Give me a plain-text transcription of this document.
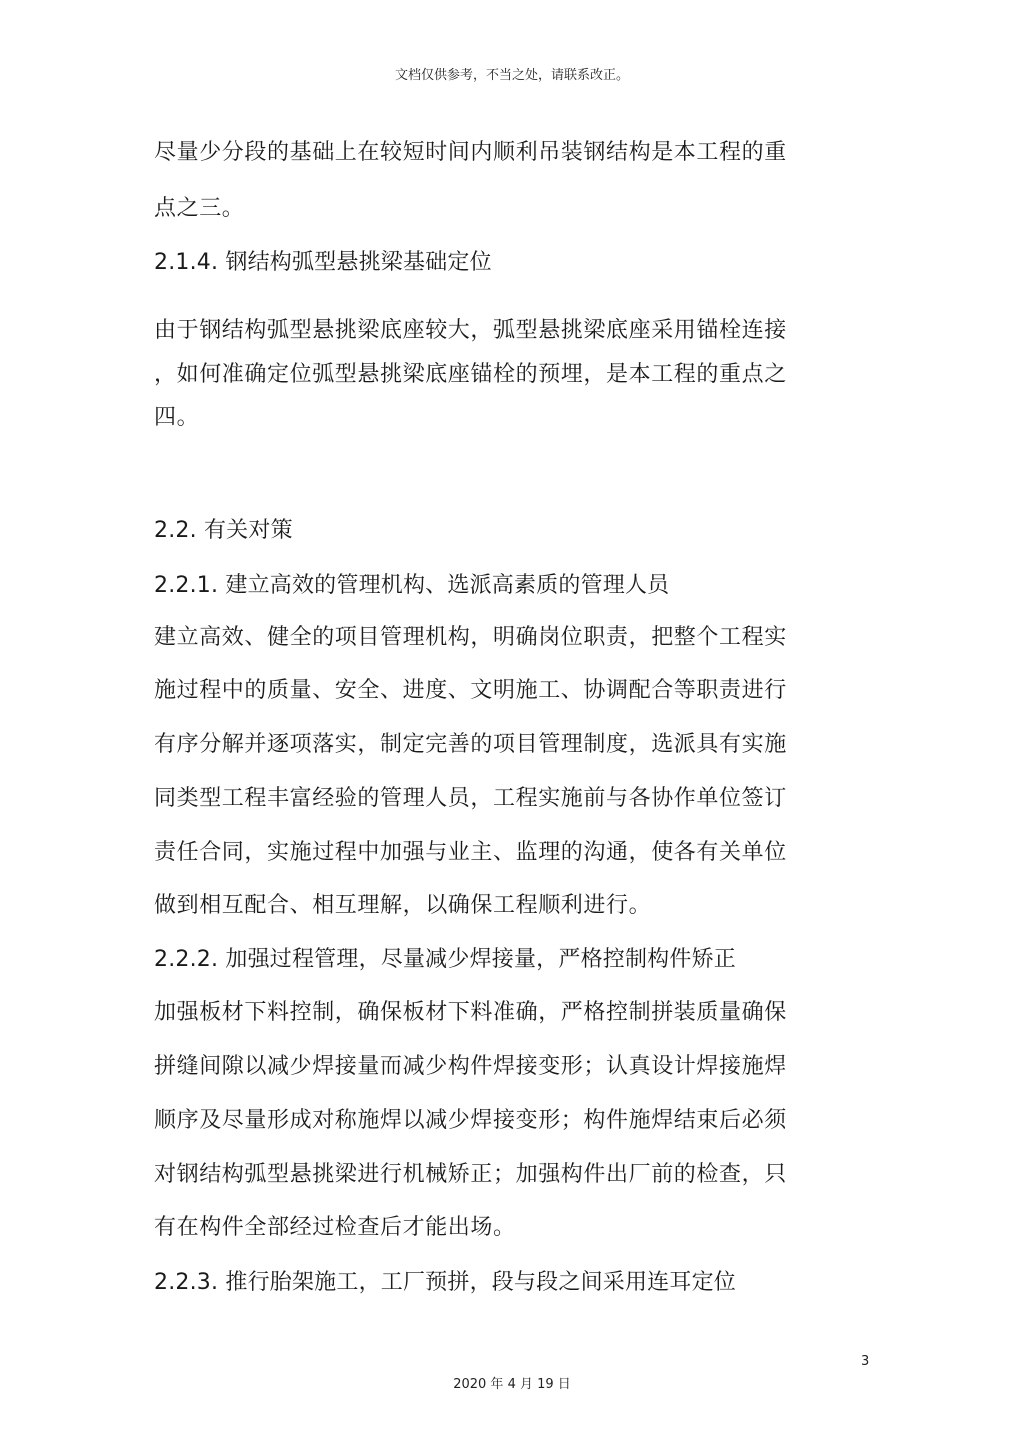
文档仅供参考，不当之处，请联系改正。
尽量少分段的基础上在较短时间内顺利吊装钢结构是本工程的重
点之三。
2.1.4. 钢结构弧型悬挑梁基础定位
由于钢结构弧型悬挑梁底座较大，弧型悬挑梁底座采用锚栓连接
，如何准确定位弧型悬挑梁底座锚栓的预埋，是本工程的重点之
四。
2.2. 有关对策
2.2.1. 建立高效的管理机构、选派高素质的管理人员
建立高效、健全的项目管理机构，明确岗位职责，把整个工程实
施过程中的质量、安全、进度、文明施工、协调配合等职责进行
有序分解并逐项落实，制定完善的项目管理制度，选派具有实施
同类型工程丰富经验的管理人员，工程实施前与各协作单位签订
责任合同，实施过程中加强与业主、监理的沟通，使各有关单位
做到相互配合、相互理解，以确保工程顺利进行。
2.2.2. 加强过程管理，尽量减少焊接量，严格控制构件矫正
加强板材下料控制，确保板材下料准确，严格控制拼装质量确保
拼缝间隙以减少焊接量而减少构件焊接变形；认真设计焊接施焊
顺序及尽量形成对称施焊以减少焊接变形；构件施焊结束后必须
对钢结构弧型悬挑梁进行机械矫正；加强构件出厂前的检查，只
有在构件全部经过检查后才能出场。
2.2.3. 推行胎架施工，工厂预拼，段与段之间采用连耳定位
3
2020 年 4 月 19 日
